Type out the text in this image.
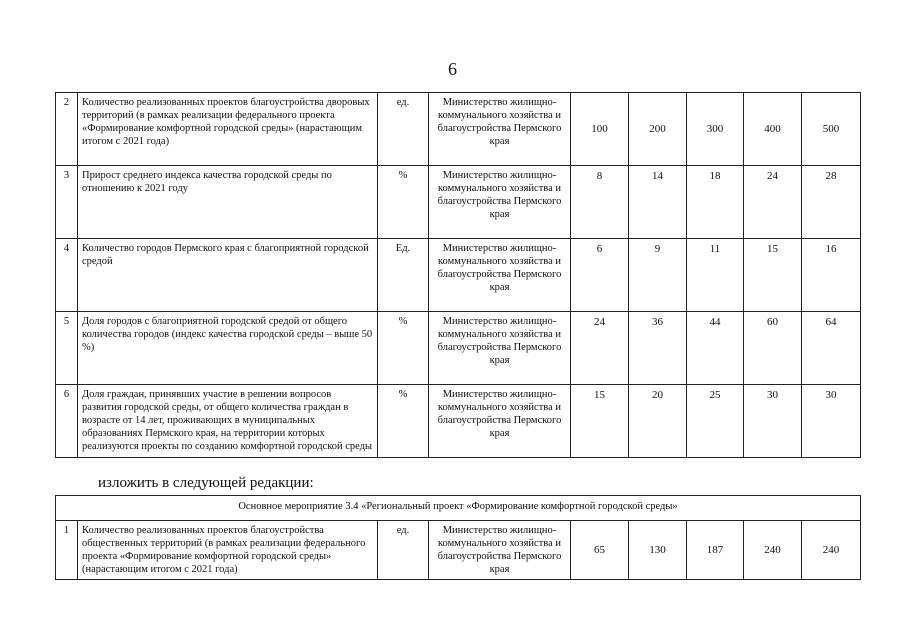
6
2	Количество реализованных проектов благоустройства дворовых территорий (в рамках реализации федерального проекта «Формирование комфортной городской среды» (нарастающим итогом с 2021 года)	ед.	Министерство жилищно-коммунального хозяйства и благоустройства Пермского края	100	200	300	400	500
3	Прирост среднего индекса качества городской среды по отношению к 2021 году	%	Министерство жилищно-коммунального хозяйства и благоустройства Пермского края	8	14	18	24	28
4	Количество городов Пермского края с благоприятной городской средой	Ед.	Министерство жилищно-коммунального хозяйства и благоустройства Пермского края	6	9	11	15	16
5	Доля городов с благоприятной городской средой от общего количества городов (индекс качества городской среды – выше 50 %)	%	Министерство жилищно-коммунального хозяйства и благоустройства Пермского края	24	36	44	60	64
6	Доля граждан, принявших участие в решении вопросов развития городской среды, от общего количества граждан в возрасте от 14 лет, проживающих в муниципальных образованиях Пермского края, на территории которых реализуются проекты по созданию комфортной городской среды	%	Министерство жилищно-коммунального хозяйства и благоустройства Пермского края	15	20	25	30	30
изложить в следующей редакции:
Основное мероприятие 3.4 «Региональный проект «Формирование комфортной городской среды»
1	Количество реализованных проектов благоустройства общественных территорий (в рамках реализации федерального проекта «Формирование комфортной городской среды» (нарастающим итогом с 2021 года)	ед.	Министерство жилищно-коммунального хозяйства и благоустройства Пермского края	65	130	187	240	240
